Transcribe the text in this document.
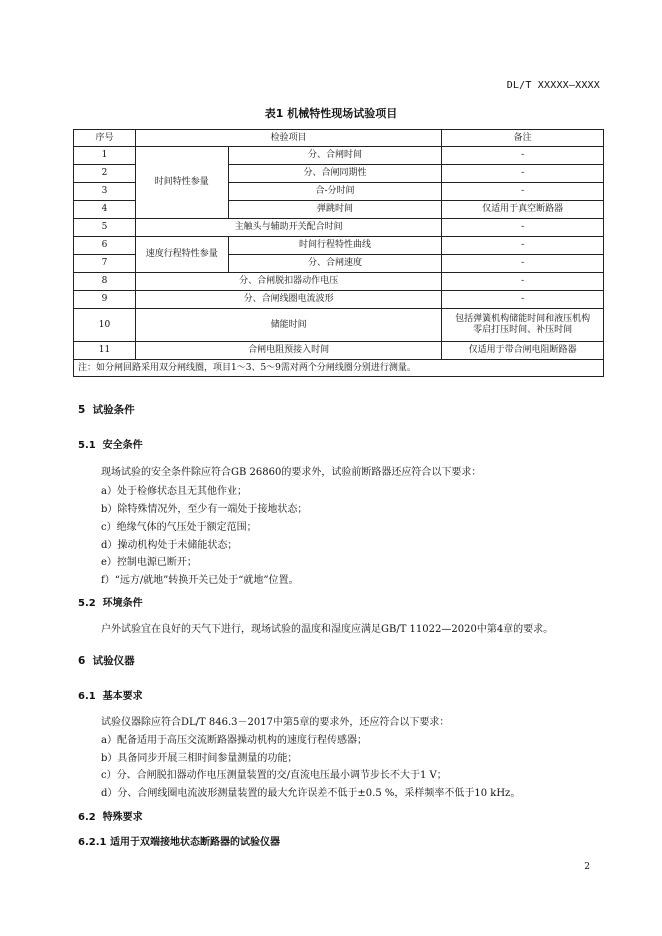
DL/T XXXXX—XXXX
表1 机械特性现场试验项目
序号	检验项目		备注
1	时间特性参量	分、合闸时间	-
2		分、合闸同期性	-
3		合-分时间	-
4		弹跳时间	仅适用于真空断路器
5	主触头与辅助开关配合时间		-
6	速度行程特性参量	时间行程特性曲线	-
7		分、合闸速度	-
8	分、合闸脱扣器动作电压		-
9	分、合闸线圈电流波形		-
10	储能时间		包括弹簧机构储能时间和液压机构
零启打压时间、补压时间

11	合闸电阻预接入时间		仅适用于带合闸电阻断路器
注：如分闸回路采用双分闸线圈，项目1～3、5～9需对两个分闸线圈分别进行测量。			
5  试验条件
5.1  安全条件
现场试验的安全条件除应符合GB 26860的要求外，试验前断路器还应符合以下要求：
a）处于检修状态且无其他作业；
b）除特殊情况外，至少有一端处于接地状态；
c）绝缘气体的气压处于额定范围；
d）操动机构处于未储能状态；
e）控制电源已断开；
f）“远方/就地”转换开关已处于“就地”位置。
5.2  环境条件
户外试验宜在良好的天气下进行，现场试验的温度和湿度应满足GB/T 11022—2020中第4章的要求。
6  试验仪器
6.1  基本要求
试验仪器除应符合DL/T 846.3－2017中第5章的要求外，还应符合以下要求：
a）配备适用于高压交流断路器操动机构的速度行程传感器；
b）具备同步开展三相时间参量测量的功能；
c）分、合闸脱扣器动作电压测量装置的交/直流电压最小调节步长不大于1 V；
d）分、合闸线圈电流波形测量装置的最大允许误差不低于±0.5 %，采样频率不低于10 kHz。
6.2  特殊要求
6.2.1 适用于双端接地状态断路器的试验仪器
2
